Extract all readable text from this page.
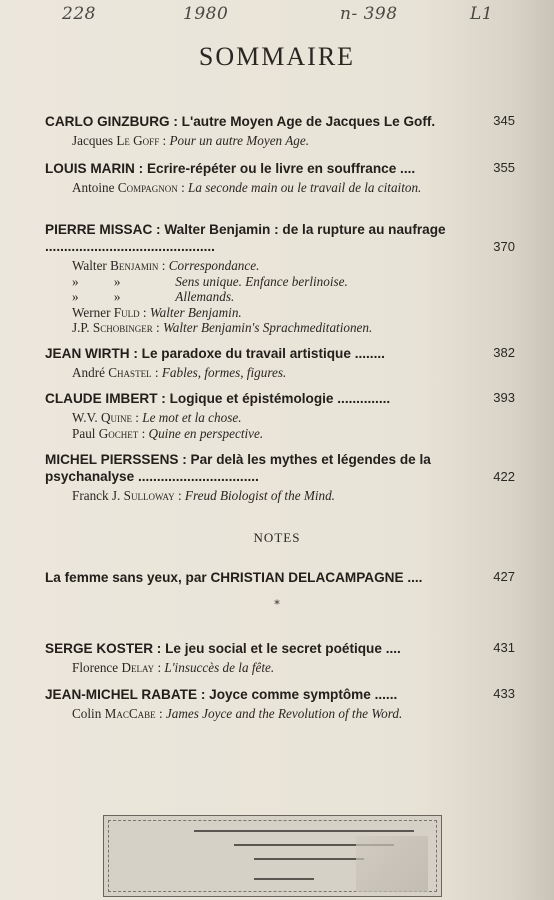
228	1980	n- 398	L1
SOMMAIRE
CARLO GINZBURG : L'autre Moyen Age de Jacques Le Goff.	345
Jacques Le Goff : Pour un autre Moyen Age.
LOUIS MARIN : Ecrire-répéter ou le livre en souffrance ....	355
Antoine Compagnon : La seconde main ou le travail de la citaiton.
PIERRE MISSAC : Walter Benjamin : de la rupture au naufrage .............................................	370
Walter Benjamin : Correspondance.
» »	Sens unique. Enfance berlinoise.
» »	Allemands.
Werner Fuld : Walter Benjamin.
J.P. Schobinger : Walter Benjamin's Sprachmeditationen.
JEAN WIRTH : Le paradoxe du travail artistique ........	382
André Chastel : Fables, formes, figures.
CLAUDE IMBERT : Logique et épistémologie ..............	393
W.V. Quine : Le mot et la chose.
Paul Gochet : Quine en perspective.
MICHEL PIERSSENS : Par delà les mythes et légendes de la psychanalyse ................................	422
Franck J. Sulloway : Freud Biologist of the Mind.
NOTES
La femme sans yeux, par CHRISTIAN DELACAMPAGNE ....	427
*
SERGE KOSTER : Le jeu social et le secret poétique ....	431
Florence Delay : L'insuccès de la fête.
JEAN-MICHEL RABATE : Joyce comme symptôme ......	433
Colin MacCabe : James Joyce and the Revolution of the Word.
